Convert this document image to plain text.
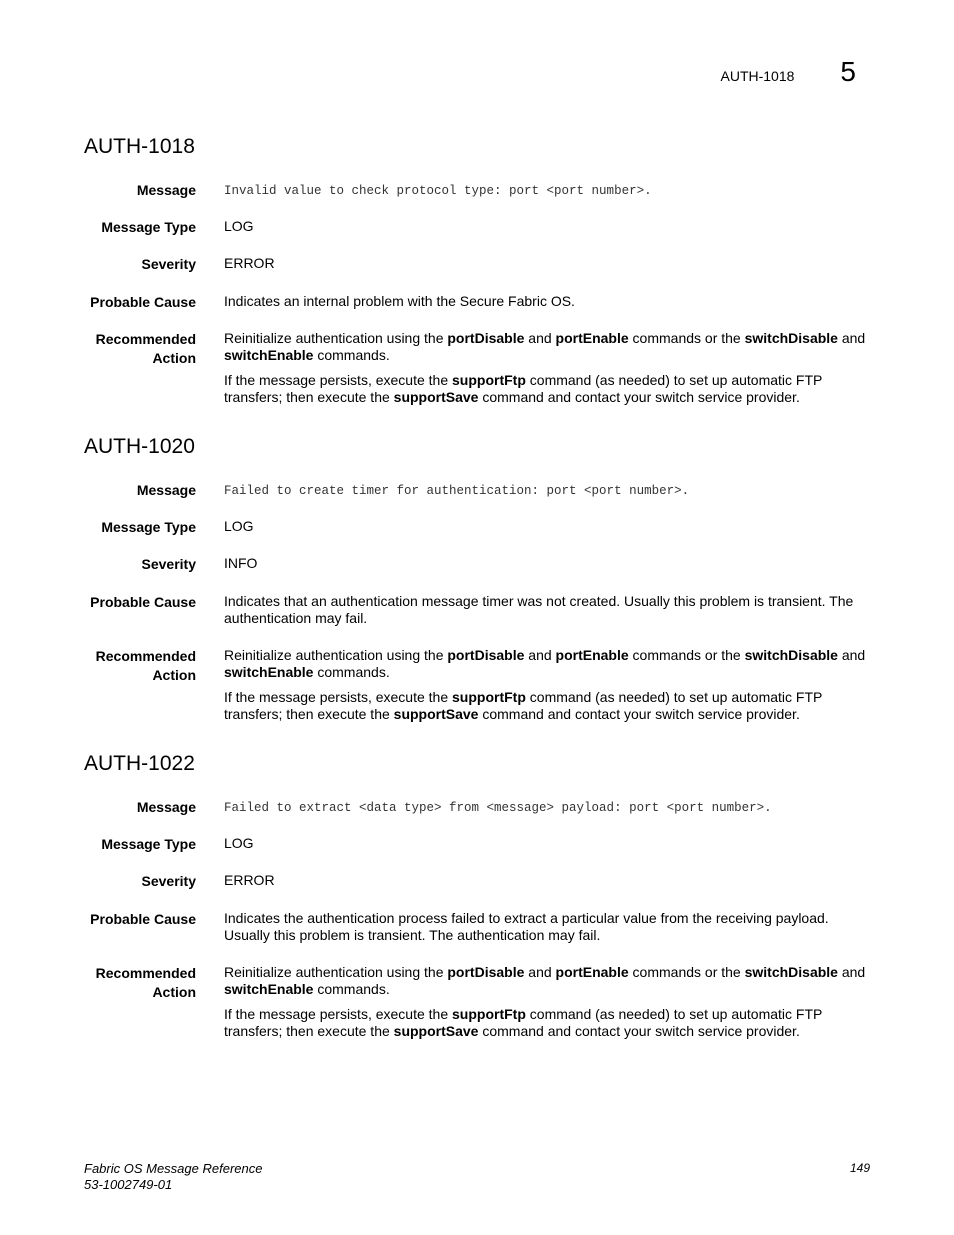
AUTH-1018 5
AUTH-1018
Message Invalid value to check protocol type: port <port number>.
Message Type LOG
Severity ERROR
Probable Cause Indicates an internal problem with the Secure Fabric OS.
Recommended Action

Reinitialize authentication using the portDisable and portEnable commands or the switchDisable and switchEnable commands.

If the message persists, execute the supportFtp command (as needed) to set up automatic FTP transfers; then execute the supportSave command and contact your switch service provider.

AUTH-1020
Message Failed to create timer for authentication: port <port number>.
Message Type LOG
Severity INFO
Probable Cause Indicates that an authentication message timer was not created. Usually this problem is transient. The authentication may fail.
Recommended Action

Reinitialize authentication using the portDisable and portEnable commands or the switchDisable and switchEnable commands.

If the message persists, execute the supportFtp command (as needed) to set up automatic FTP transfers; then execute the supportSave command and contact your switch service provider.

AUTH-1022
Message Failed to extract <data type> from <message> payload: port <port number>.
Message Type LOG
Severity ERROR
Probable Cause Indicates the authentication process failed to extract a particular value from the receiving payload. Usually this problem is transient. The authentication may fail.
Recommended Action

Reinitialize authentication using the portDisable and portEnable commands or the switchDisable and switchEnable commands.

If the message persists, execute the supportFtp command (as needed) to set up automatic FTP transfers; then execute the supportSave command and contact your switch service provider.

Fabric OS Message Reference
53-1002749-01
149
